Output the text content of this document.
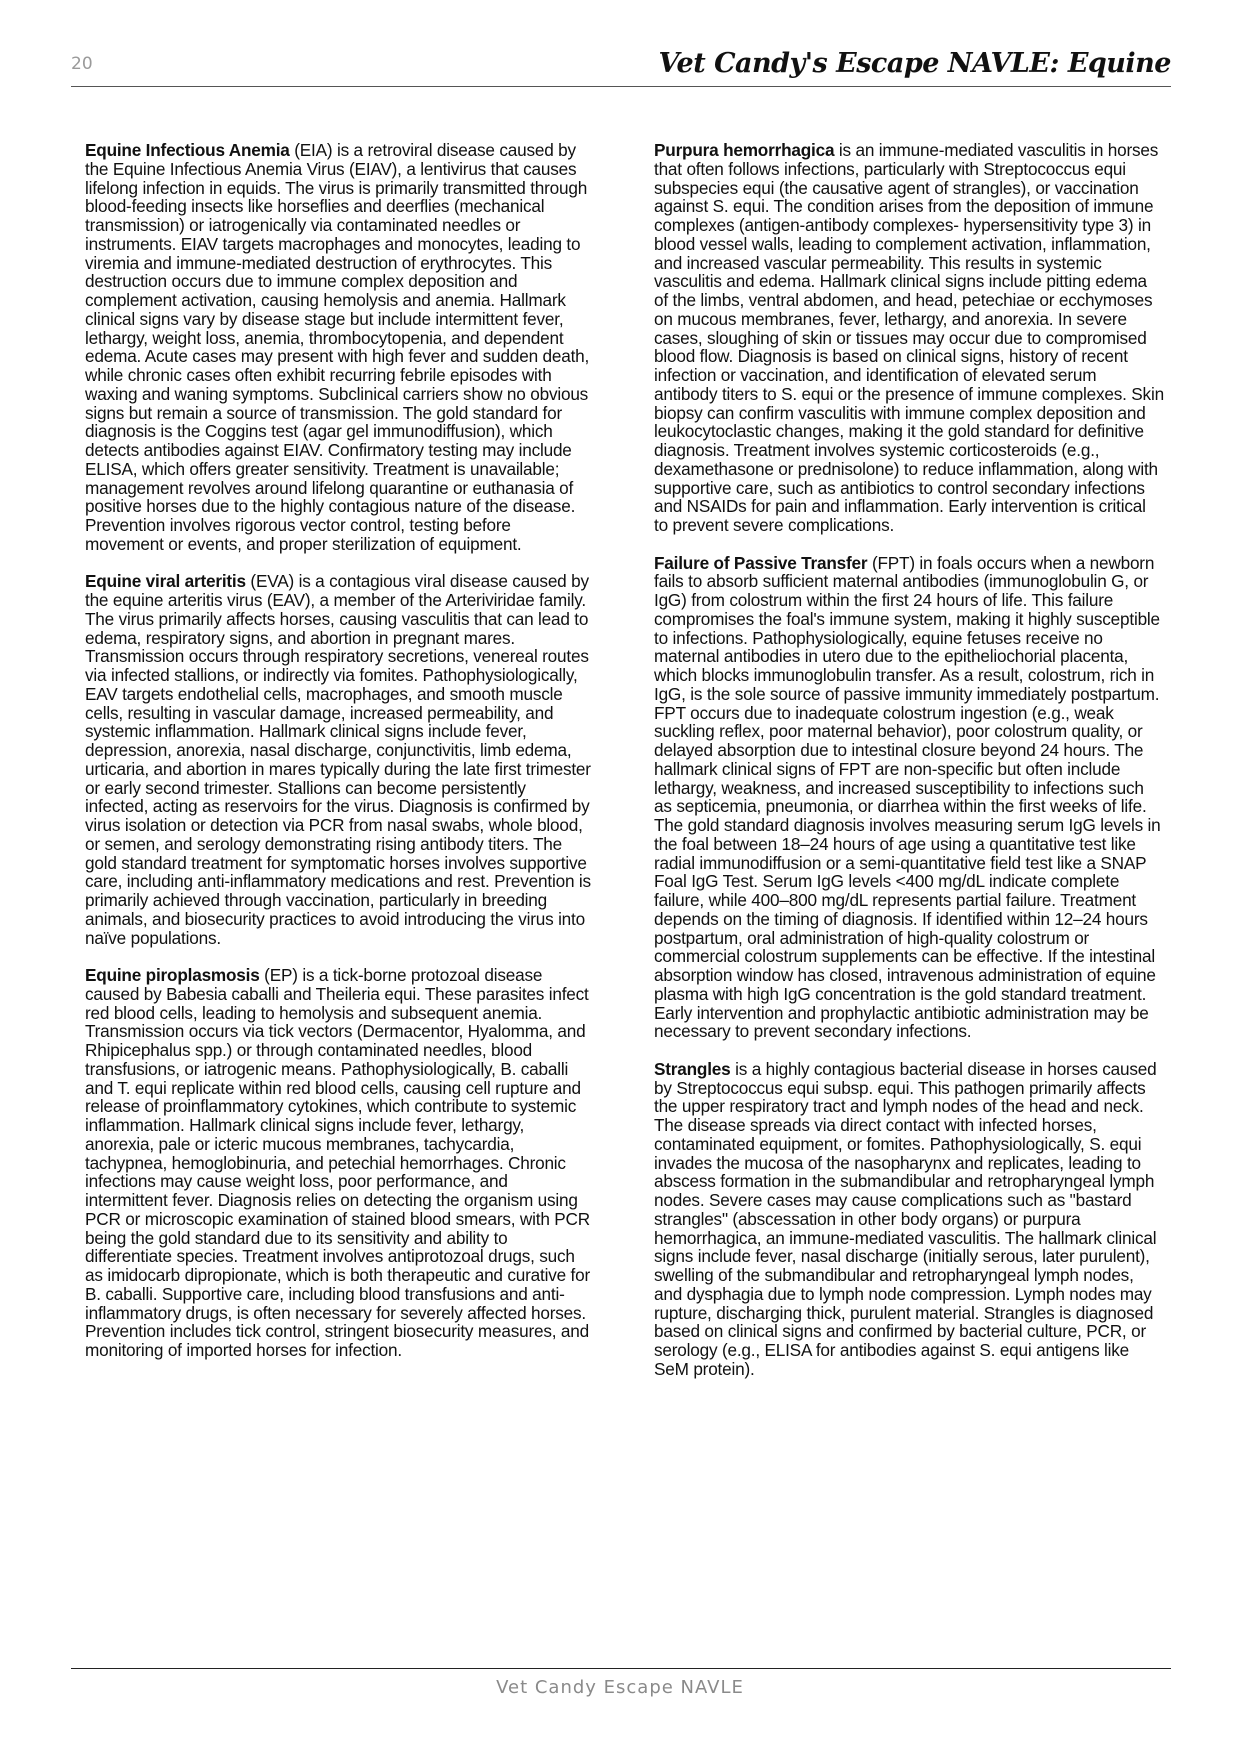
20	Vet Candy's Escape NAVLE: Equine

Equine Infectious Anemia (EIA) is a retroviral disease caused by the Equine Infectious Anemia Virus (EIAV), a lentivirus that causes lifelong infection in equids. The virus is primarily transmitted through blood-feeding insects like horseflies and deerflies (mechanical transmission) or iatrogenically via contaminated needles or instruments. EIAV targets macrophages and monocytes, leading to viremia and immune-mediated destruction of erythrocytes. This destruction occurs due to immune complex deposition and complement activation, causing hemolysis and anemia. Hallmark clinical signs vary by disease stage but include intermittent fever, lethargy, weight loss, anemia, thrombocytopenia, and dependent edema. Acute cases may present with high fever and sudden death, while chronic cases often exhibit recurring febrile episodes with waxing and waning symptoms. Subclinical carriers show no obvious signs but remain a source of transmission. The gold standard for diagnosis is the Coggins test (agar gel immunodiffusion), which detects antibodies against EIAV. Confirmatory testing may include ELISA, which offers greater sensitivity. Treatment is unavailable; management revolves around lifelong quarantine or euthanasia of positive horses due to the highly contagious nature of the disease. Prevention involves rigorous vector control, testing before movement or events, and proper sterilization of equipment.

Equine viral arteritis (EVA) is a contagious viral disease caused by the equine arteritis virus (EAV), a member of the Arteriviridae family. The virus primarily affects horses, causing vasculitis that can lead to edema, respiratory signs, and abortion in pregnant mares. Transmission occurs through respiratory secretions, venereal routes via infected stallions, or indirectly via fomites. Pathophysiologically, EAV targets endothelial cells, macrophages, and smooth muscle cells, resulting in vascular damage, increased permeability, and systemic inflammation. Hallmark clinical signs include fever, depression, anorexia, nasal discharge, conjunctivitis, limb edema, urticaria, and abortion in mares typically during the late first trimester or early second trimester. Stallions can become persistently infected, acting as reservoirs for the virus. Diagnosis is confirmed by virus isolation or detection via PCR from nasal swabs, whole blood, or semen, and serology demonstrating rising antibody titers. The gold standard treatment for symptomatic horses involves supportive care, including anti-inflammatory medications and rest. Prevention is primarily achieved through vaccination, particularly in breeding animals, and biosecurity practices to avoid introducing the virus into naïve populations.

Equine piroplasmosis (EP) is a tick-borne protozoal disease caused by Babesia caballi and Theileria equi. These parasites infect red blood cells, leading to hemolysis and subsequent anemia. Transmission occurs via tick vectors (Dermacentor, Hyalomma, and Rhipicephalus spp.) or through contaminated needles, blood transfusions, or iatrogenic means. Pathophysiologically, B. caballi and T. equi replicate within red blood cells, causing cell rupture and release of proinflammatory cytokines, which contribute to systemic inflammation. Hallmark clinical signs include fever, lethargy, anorexia, pale or icteric mucous membranes, tachycardia, tachypnea, hemoglobinuria, and petechial hemorrhages. Chronic infections may cause weight loss, poor performance, and intermittent fever. Diagnosis relies on detecting the organism using PCR or microscopic examination of stained blood smears, with PCR being the gold standard due to its sensitivity and ability to differentiate species. Treatment involves antiprotozoal drugs, such as imidocarb dipropionate, which is both therapeutic and curative for B. caballi. Supportive care, including blood transfusions and anti-inflammatory drugs, is often necessary for severely affected horses. Prevention includes tick control, stringent biosecurity measures, and monitoring of imported horses for infection.

Purpura hemorrhagica is an immune-mediated vasculitis in horses that often follows infections, particularly with Streptococcus equi subspecies equi (the causative agent of strangles), or vaccination against S. equi. The condition arises from the deposition of immune complexes (antigen-antibody complexes- hypersensitivity type 3) in blood vessel walls, leading to complement activation, inflammation, and increased vascular permeability. This results in systemic vasculitis and edema. Hallmark clinical signs include pitting edema of the limbs, ventral abdomen, and head, petechiae or ecchymoses on mucous membranes, fever, lethargy, and anorexia. In severe cases, sloughing of skin or tissues may occur due to compromised blood flow. Diagnosis is based on clinical signs, history of recent infection or vaccination, and identification of elevated serum antibody titers to S. equi or the presence of immune complexes. Skin biopsy can confirm vasculitis with immune complex deposition and leukocytoclastic changes, making it the gold standard for definitive diagnosis. Treatment involves systemic corticosteroids (e.g., dexamethasone or prednisolone) to reduce inflammation, along with supportive care, such as antibiotics to control secondary infections and NSAIDs for pain and inflammation. Early intervention is critical to prevent severe complications.

Failure of Passive Transfer (FPT) in foals occurs when a newborn fails to absorb sufficient maternal antibodies (immunoglobulin G, or IgG) from colostrum within the first 24 hours of life. This failure compromises the foal's immune system, making it highly susceptible to infections. Pathophysiologically, equine fetuses receive no maternal antibodies in utero due to the epitheliochorial placenta, which blocks immunoglobulin transfer. As a result, colostrum, rich in IgG, is the sole source of passive immunity immediately postpartum. FPT occurs due to inadequate colostrum ingestion (e.g., weak suckling reflex, poor maternal behavior), poor colostrum quality, or delayed absorption due to intestinal closure beyond 24 hours. The hallmark clinical signs of FPT are non-specific but often include lethargy, weakness, and increased susceptibility to infections such as septicemia, pneumonia, or diarrhea within the first weeks of life. The gold standard diagnosis involves measuring serum IgG levels in the foal between 18–24 hours of age using a quantitative test like radial immunodiffusion or a semi-quantitative field test like a SNAP Foal IgG Test. Serum IgG levels <400 mg/dL indicate complete failure, while 400–800 mg/dL represents partial failure. Treatment depends on the timing of diagnosis. If identified within 12–24 hours postpartum, oral administration of high-quality colostrum or commercial colostrum supplements can be effective. If the intestinal absorption window has closed, intravenous administration of equine plasma with high IgG concentration is the gold standard treatment. Early intervention and prophylactic antibiotic administration may be necessary to prevent secondary infections.

Strangles is a highly contagious bacterial disease in horses caused by Streptococcus equi subsp. equi. This pathogen primarily affects the upper respiratory tract and lymph nodes of the head and neck. The disease spreads via direct contact with infected horses, contaminated equipment, or fomites. Pathophysiologically, S. equi invades the mucosa of the nasopharynx and replicates, leading to abscess formation in the submandibular and retropharyngeal lymph nodes. Severe cases may cause complications such as "bastard strangles" (abscessation in other body organs) or purpura hemorrhagica, an immune-mediated vasculitis. The hallmark clinical signs include fever, nasal discharge (initially serous, later purulent), swelling of the submandibular and retropharyngeal lymph nodes, and dysphagia due to lymph node compression. Lymph nodes may rupture, discharging thick, purulent material. Strangles is diagnosed based on clinical signs and confirmed by bacterial culture, PCR, or serology (e.g., ELISA for antibodies against S. equi antigens like SeM protein).

Vet Candy Escape NAVLE
